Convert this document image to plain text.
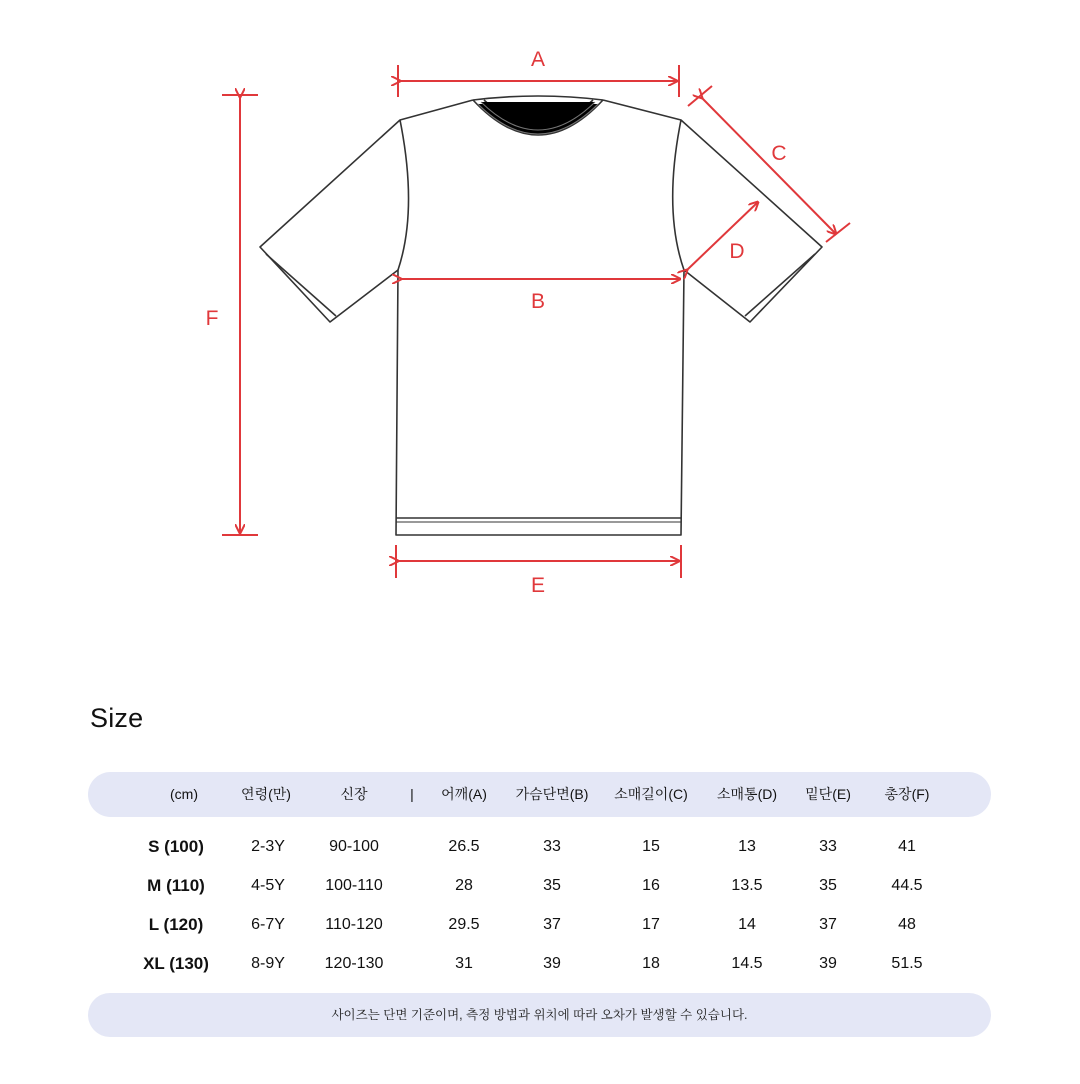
A
B
C
D
E
F
Size
(cm)	연령(만)	신장	| 어깨(A) 가슴단면(B) 소매길이(C) 소매통(D) 밑단(E) 총장(F)
S (100)	2-3Y	90-100	26.5	33	15	13	33	41
M (110)	4-5Y	100-110	28	35	16	13.5	35	44.5
L (120)	6-7Y	110-120	29.5	37	17	14	37	48
XL (130)	8-9Y 120-130	31	39	18	14.5	39	51.5
사이즈는 단면 기준이며, 측정 방법과 위치에 따라 오차가 발생할 수 있습니다.
